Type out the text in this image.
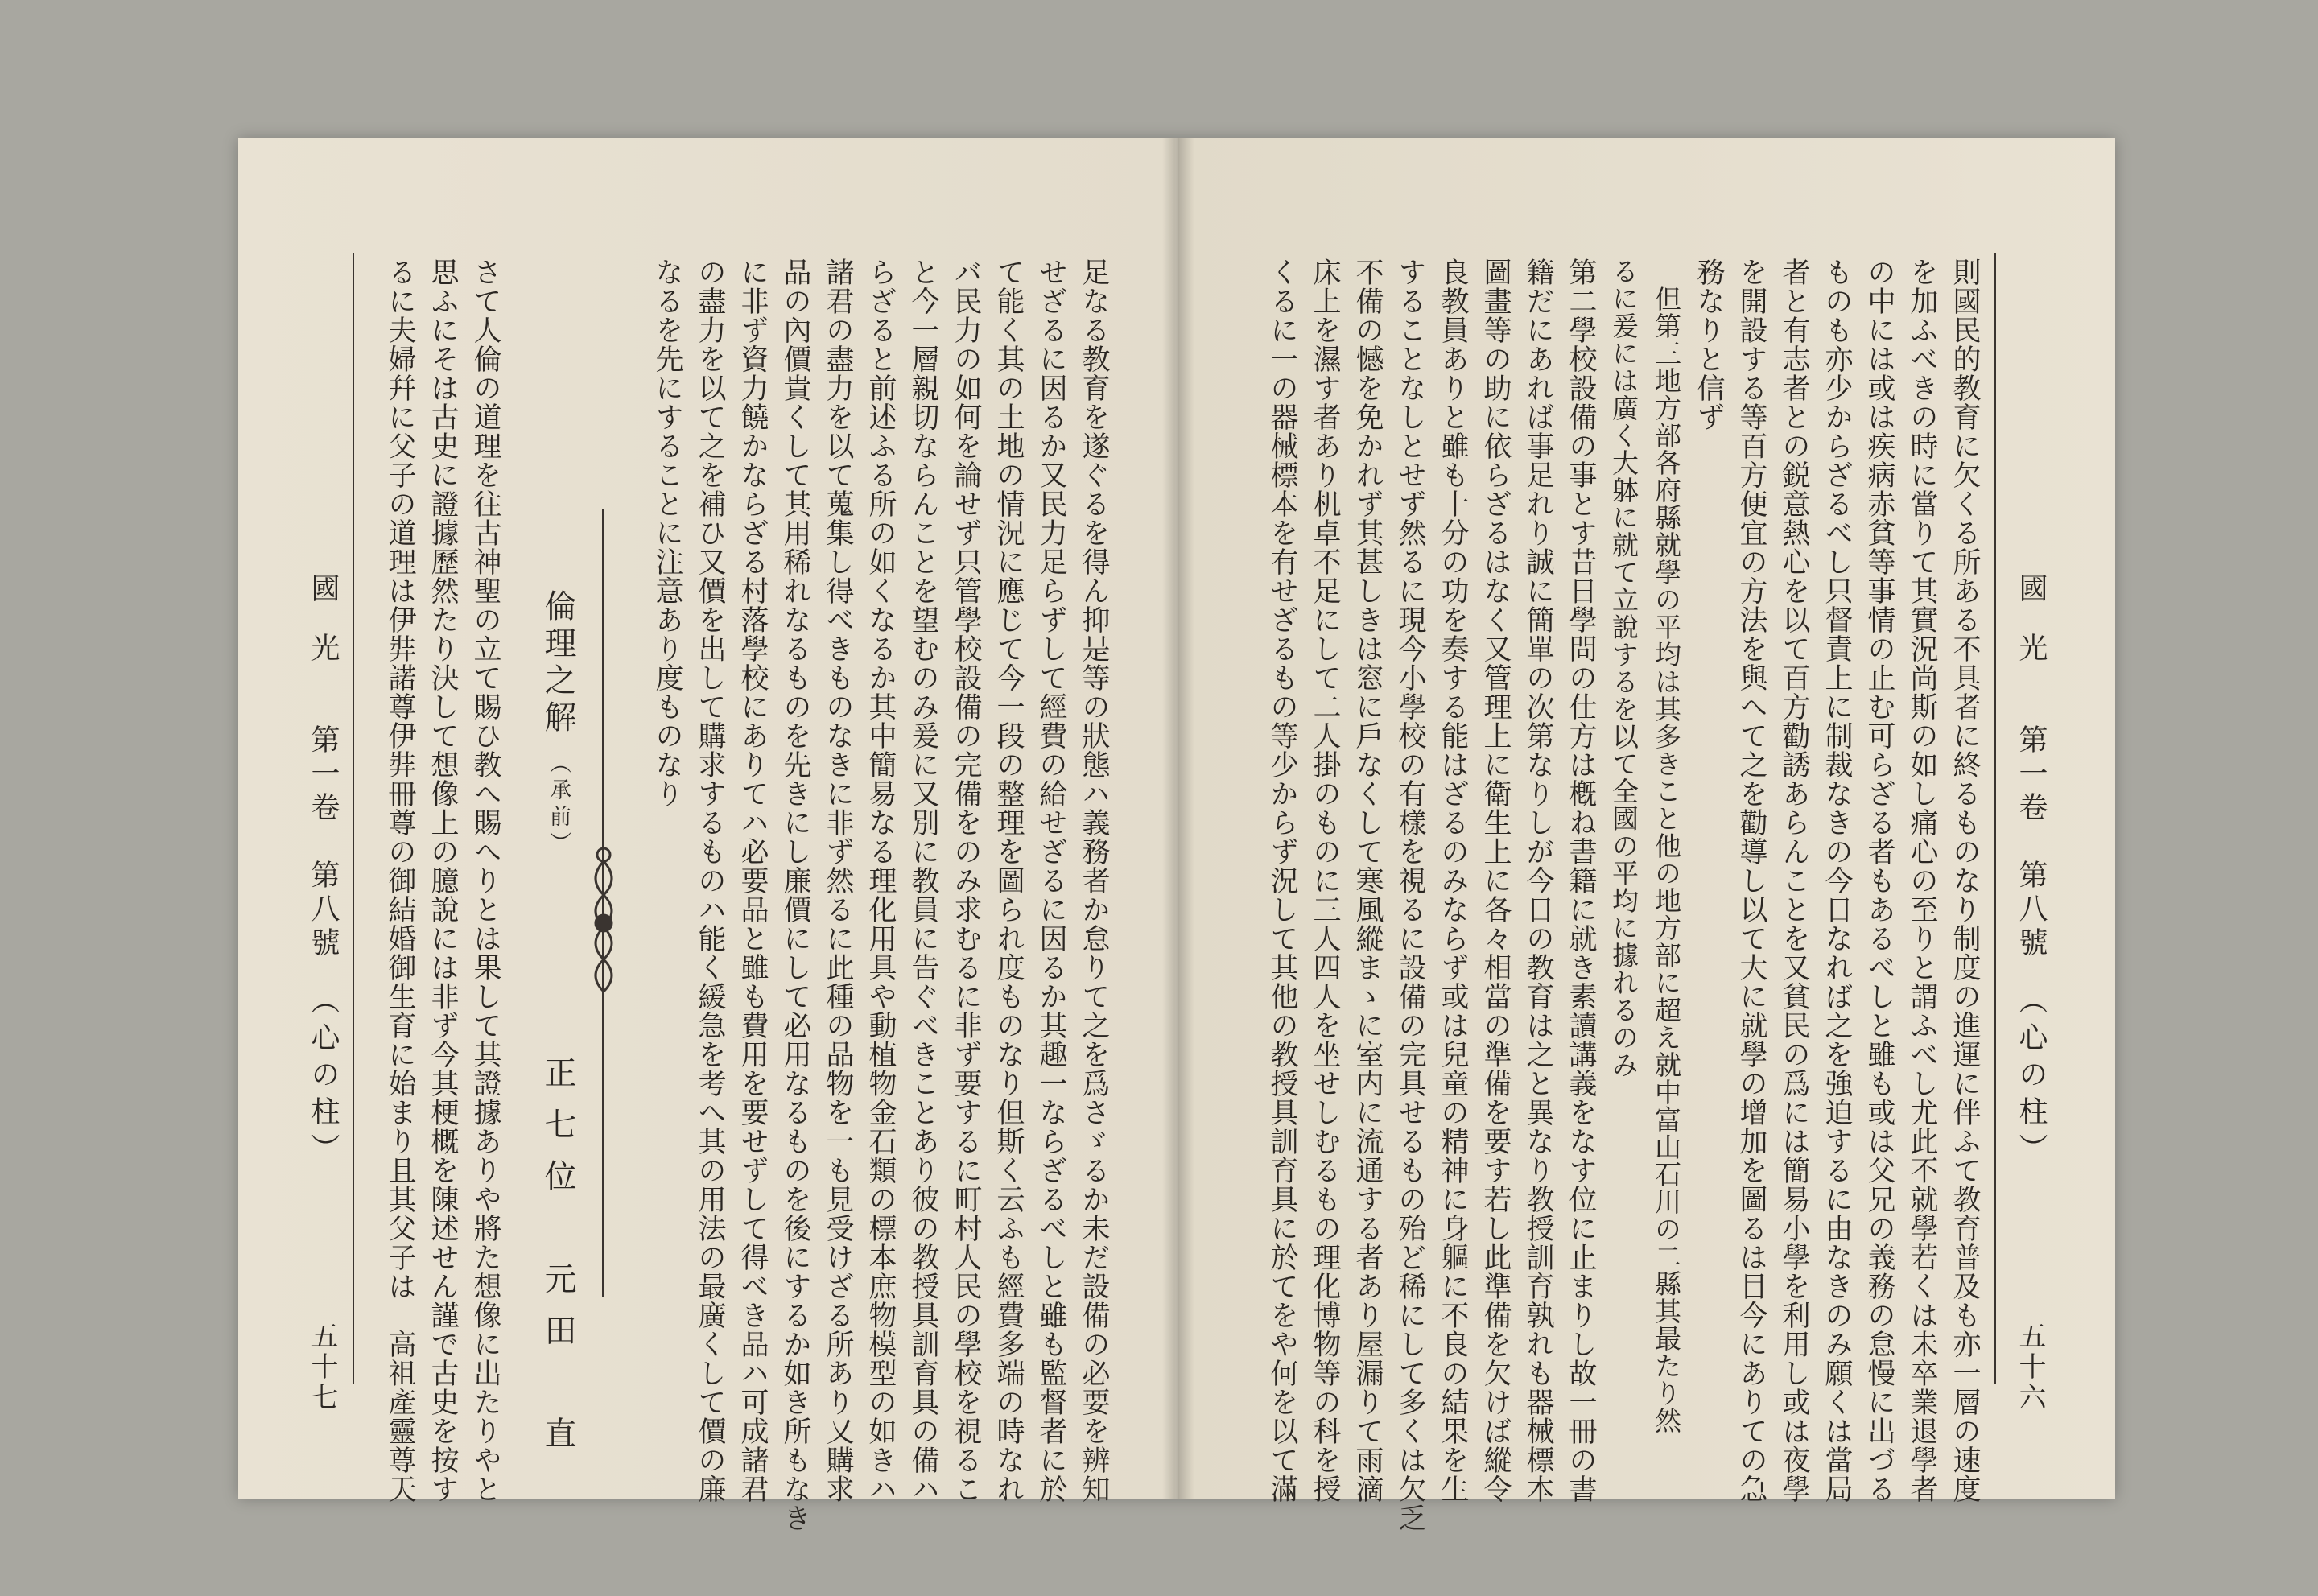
足なる教育を遂ぐるを得ん抑是等の狀態ハ義務者か怠りて之を爲さゞるか未だ設備の必要を辨知
せざるに因るか又民力足らずして經費の給せざるに因るか其趣一ならざるべしと雖も監督者に於
て能く其の土地の情況に應じて今一段の整理を圖られ度ものなり但斯く云ふも經費多端の時なれ
バ民力の如何を論せず只管學校設備の完備をのみ求むるに非ず要するに町村人民の學校を視るこ
と今一層親切ならんことを望むのみ爰に又別に教員に告ぐべきことあり彼の教授具訓育具の備ハ
らざると前述ふる所の如くなるか其中簡易なる理化用具や動植物金石類の標本庶物模型の如きハ
諸君の盡力を以て蒐集し得べきものなきに非ず然るに此種の品物を一も見受けざる所あり又購求
品の內價貴くして其用稀れなるものを先きにし廉價にして必用なるものを後にするか如き所もなき
に非ず資力饒かならざる村落學校にありてハ必要品と雖も費用を要せずして得べき品ハ可成諸君
の盡力を以て之を補ひ又價を出して購求するものハ能く緩急を考へ其の用法の最廣くして價の廉
なるを先にすることに注意あり度ものなり
倫理之解（承前）
正七位　元田　直
さて人倫の道理を往古神聖の立て賜ひ教へ賜へりとは果して其證據ありや將た想像に出たりやと
思ふにそは古史に證據歷然たり決して想像上の臆說には非ず今其梗概を陳述せん謹で古史を按す
るに夫婦幷に父子の道理は伊弉諾尊伊弉冊尊の御結婚御生育に始まり且其父子は　高祖產靈尊天
國光第一卷　第八號（心の柱）
五十七
國光第一卷　第八號（心の柱）
五十六
則國民的教育に欠くる所ある不具者に終るものなり制度の進運に伴ふて教育普及も亦一層の速度
を加ふべきの時に當りて其實況尚斯の如し痛心の至りと謂ふべし尤此不就學若くは未卒業退學者
の中には或は疾病赤貧等事情の止む可らざる者もあるべしと雖も或は父兄の義務の怠慢に出づる
ものも亦少からざるべし只督責上に制裁なきの今日なれば之を強迫するに由なきのみ願くは當局
者と有志者との鋭意熱心を以て百方勸誘あらんことを又貧民の爲には簡易小學を利用し或は夜學
を開設する等百方便宜の方法を與へて之を勸導し以て大に就學の增加を圖るは目今にありての急
務なりと信ず
　但第三地方部各府縣就學の平均は其多きこと他の地方部に超え就中富山石川の二縣其最たり然
るに爰には廣く大躰に就て立說するを以て全國の平均に據れるのみ
第二學校設備の事とす昔日學問の仕方は槪ね書籍に就き素讀講義をなす位に止まりし故一冊の書
籍だにあれば事足れり誠に簡單の次第なりしが今日の教育は之と異なり教授訓育孰れも器械標本
圖畫等の助に依らざるはなく又管理上に衛生上に各々相當の準備を要す若し此準備を欠けば縱令
良教員ありと雖も十分の功を奏する能はざるのみならず或は兒童の精神に身軀に不良の結果を生
することなしとせず然るに現今小學校の有樣を視るに設備の完具せるもの殆ど稀にして多くは欠乏
不備の憾を免かれず其甚しきは窓に戶なくして寒風縱まゝに室内に流通する者あり屋漏りて雨滴
床上を濕す者あり机卓不足にして二人掛のものに三人四人を坐せしむるもの理化博物等の科を授
くるに一の器械標本を有せざるもの等少からず況して其他の教授具訓育具に於てをや何を以て滿
